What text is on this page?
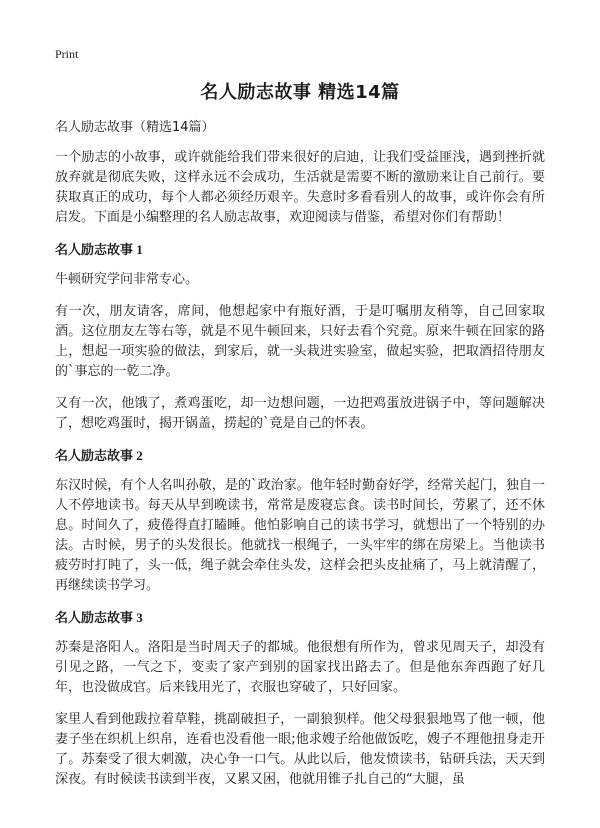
Print
名人励志故事 精选14篇

名人励志故事（精选14篇）

一个励志的小故事，或许就能给我们带来很好的启迪，让我们受益匪浅，遇到挫折就放弃就是彻底失败，这样永远不会成功，生活就是需要不断的激励来让自己前行。要获取真正的成功，每个人都必须经历艰辛。失意时多看看别人的故事，或许你会有所启发。下面是小编整理的名人励志故事，欢迎阅读与借鉴，希望对你们有帮助！

名人励志故事 1

牛顿研究学问非常专心。

有一次，朋友请客，席间，他想起家中有瓶好酒，于是叮嘱朋友稍等，自己回家取酒。这位朋友左等右等，就是不见牛顿回来，只好去看个究竟。原来牛顿在回家的路上，想起一项实验的做法，到家后，就一头栽进实验室，做起实验，把取酒招待朋友的`事忘的一乾二净。

又有一次，他饿了，煮鸡蛋吃，却一边想问题，一边把鸡蛋放进锅子中，等问题解决了，想吃鸡蛋时，揭开锅盖，捞起的`竟是自己的怀表。

名人励志故事 2

东汉时候，有个人名叫孙敬，是的`政治家。他年轻时勤奋好学，经常关起门，独自一人不停地读书。每天从早到晚读书，常常是废寝忘食。读书时间长，劳累了，还不休息。时间久了，疲倦得直打瞌睡。他怕影响自己的读书学习，就想出了一个特别的办法。古时候，男子的头发很长。他就找一根绳子，一头牢牢的绑在房梁上。当他读书疲劳时打盹了，头一低，绳子就会牵住头发，这样会把头皮扯痛了，马上就清醒了，再继续读书学习。

名人励志故事 3

苏秦是洛阳人。洛阳是当时周天子的都城。他很想有所作为，曾求见周天子，却没有引见之路，一气之下，变卖了家产到别的国家找出路去了。但是他东奔西跑了好几年，也没做成官。后来钱用光了，衣服也穿破了，只好回家。

家里人看到他跋拉着草鞋，挑副破担子，一副狼狈样。他父母狠狠地骂了他一顿，他妻子坐在织机上织帛，连看也没看他一眼;他求嫂子给他做饭吃，嫂子不理他扭身走开了。苏秦受了很大刺激，决心争一口气。从此以后，他发愤读书，钻研兵法，天天到深夜。有时候读书读到半夜，又累又困，他就用锥子扎自己的“大腿，虽
